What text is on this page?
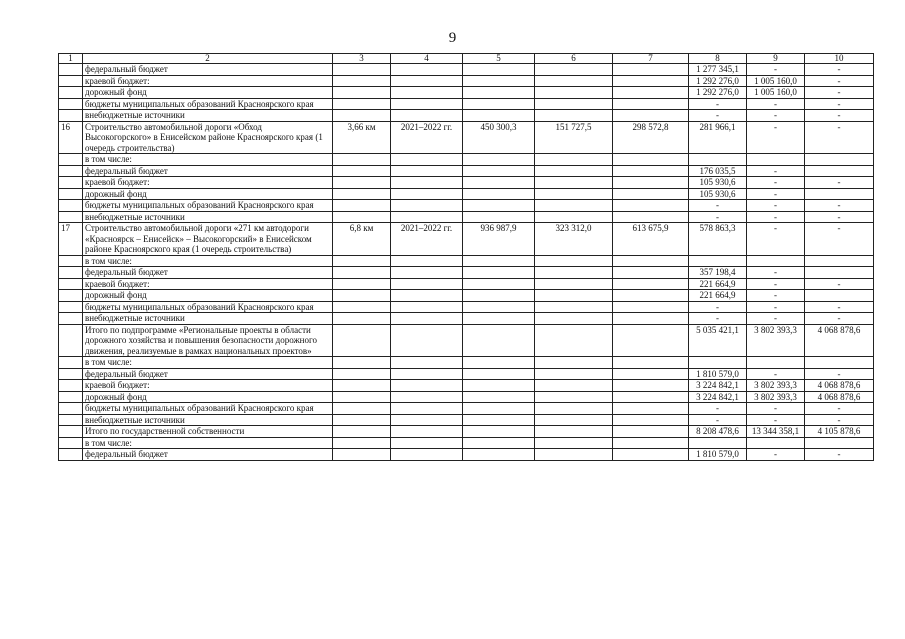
9
1	2	3	4	5	6	7	8	9	10
	федеральный бюджет						1 277 345,1	-	-
	краевой бюджет:						1 292 276,0	1 005 160,0	-
	дорожный фонд						1 292 276,0	1 005 160,0	-
	бюджеты муниципальных образований Красноярского края						-	-	-
	внебюджетные источники						-	-	-
16	Строительство автомобильной дороги «Обход Высокогорского» в Енисейском районе Красноярского края (1 очередь строительства)	3,66 км	2021–2022 гг.	450 300,3	151 727,5	298 572,8	281 966,1	-	-
	в том числе:								
	федеральный бюджет						176 035,5	-	
	краевой бюджет:						105 930,6	-	-
	дорожный фонд						105 930,6	-	
	бюджеты муниципальных образований Красноярского края						-	-	-
	внебюджетные источники						-	-	-
17	Строительство автомобильной дороги «271 км автодороги «Красноярск – Енисейск» – Высокогорский» в Енисейском районе Красноярского края (1 очередь строительства)	6,8 км	2021–2022 гг.	936 987,9	323 312,0	613 675,9	578 863,3	-	-
	в том числе:								
	федеральный бюджет						357 198,4	-	
	краевой бюджет:						221 664,9	-	-
	дорожный фонд						221 664,9	-	
	бюджеты муниципальных образований Красноярского края						-	-	-
	внебюджетные источники						-	-	-
	Итого по подпрограмме «Региональные проекты в области дорожного хозяйства и повышения безопасности дорожного движения, реализуемые в рамках национальных проектов»						5 035 421,1	3 802 393,3	4 068 878,6
	в том числе:								
	федеральный бюджет						1 810 579,0	-	-
	краевой бюджет:						3 224 842,1	3 802 393,3	4 068 878,6
	дорожный фонд						3 224 842,1	3 802 393,3	4 068 878,6
	бюджеты муниципальных образований Красноярского края						-	-	-
	внебюджетные источники						-	-	-
	Итого по государственной собственности						8 208 478,6	13 344 358,1	4 105 878,6
	в том числе:								
	федеральный бюджет						1 810 579,0	-	-
